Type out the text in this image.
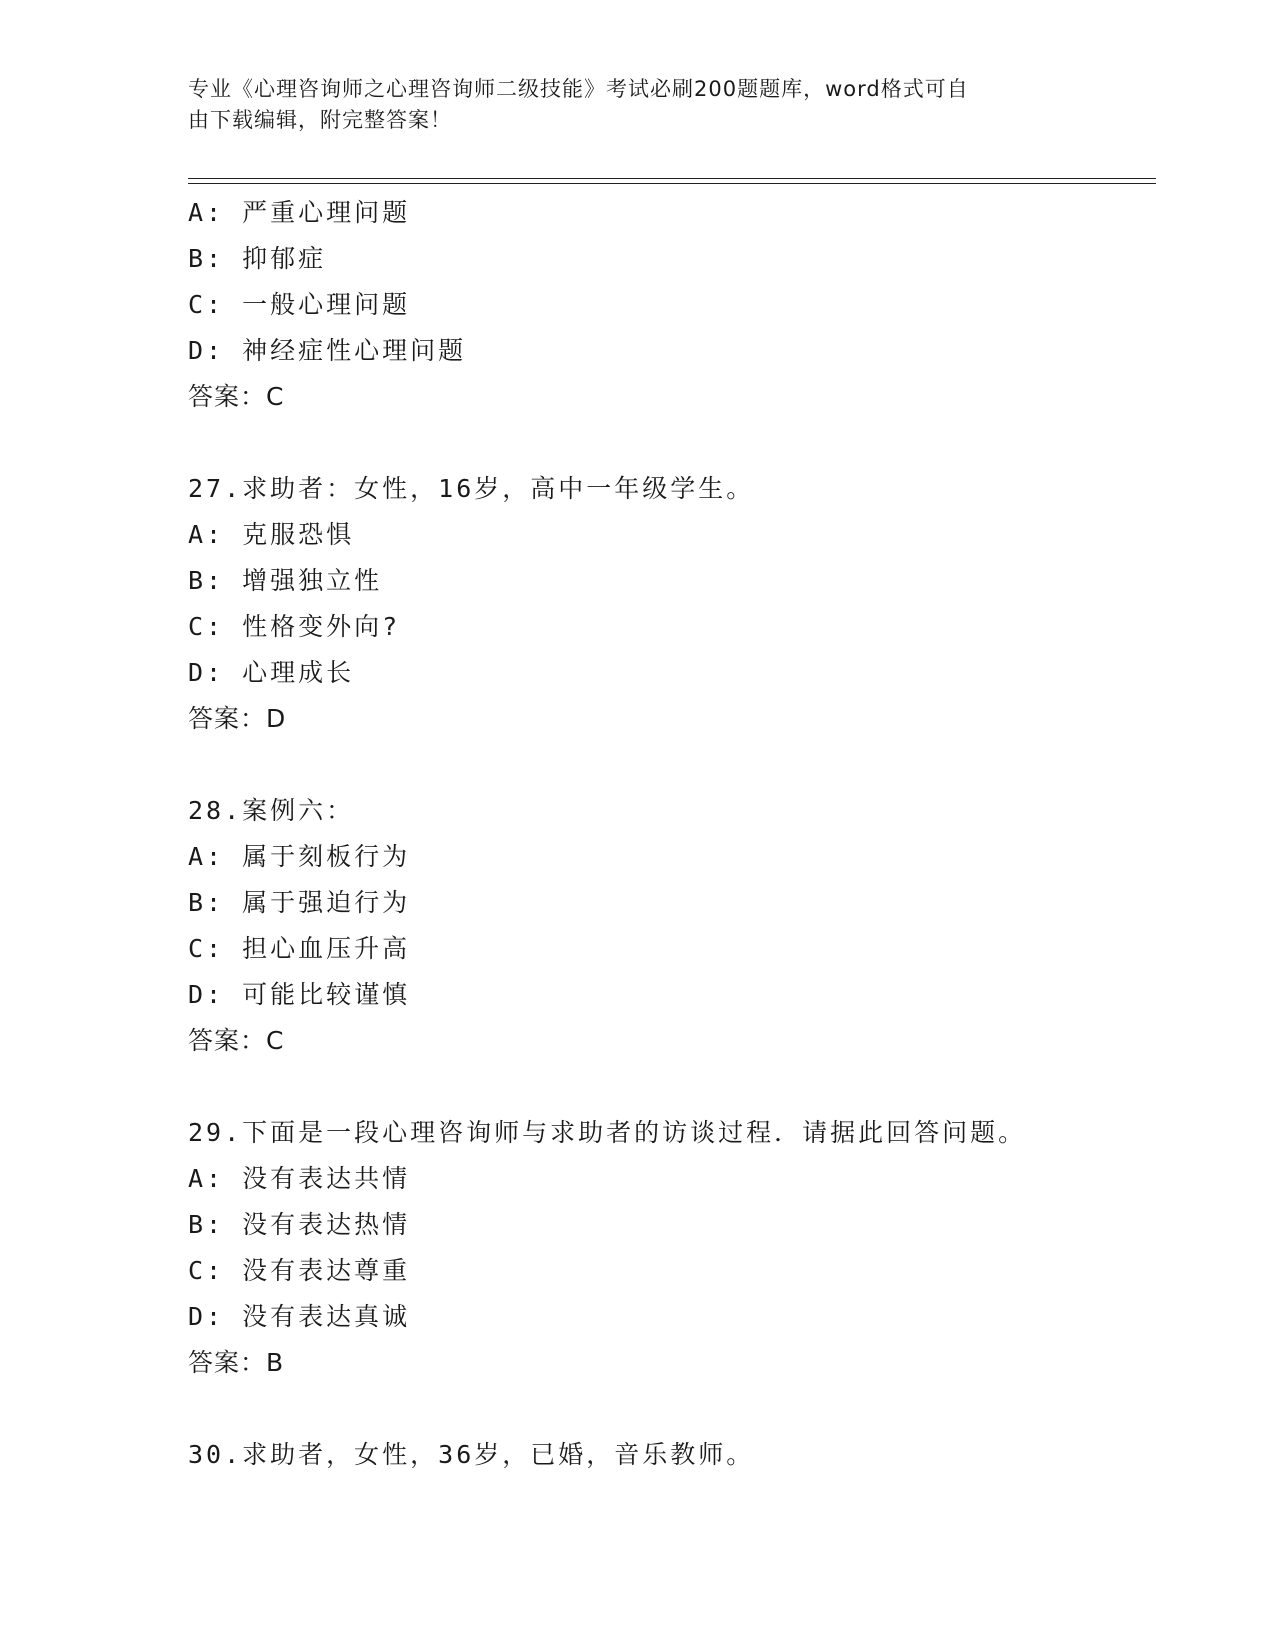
专业《心理咨询师之心理咨询师二级技能》考试必刷200题题库，word格式可自
由下载编辑，附完整答案！
A: 严重心理问题
B: 抑郁症
C: 一般心理问题
D: 神经症性心理问题
答案：C
27.求助者：女性，16岁，高中一年级学生。
A: 克服恐惧
B: 增强独立性
C: 性格变外向?
D: 心理成长
答案：D
28.案例六：
A: 属于刻板行为
B: 属于强迫行为
C: 担心血压升高
D: 可能比较谨慎
答案：C
29.下面是一段心理咨询师与求助者的访谈过程．请据此回答问题。
A: 没有表达共情
B: 没有表达热情
C: 没有表达尊重
D: 没有表达真诚
答案：B
30.求助者，女性，36岁，已婚，音乐教师。
